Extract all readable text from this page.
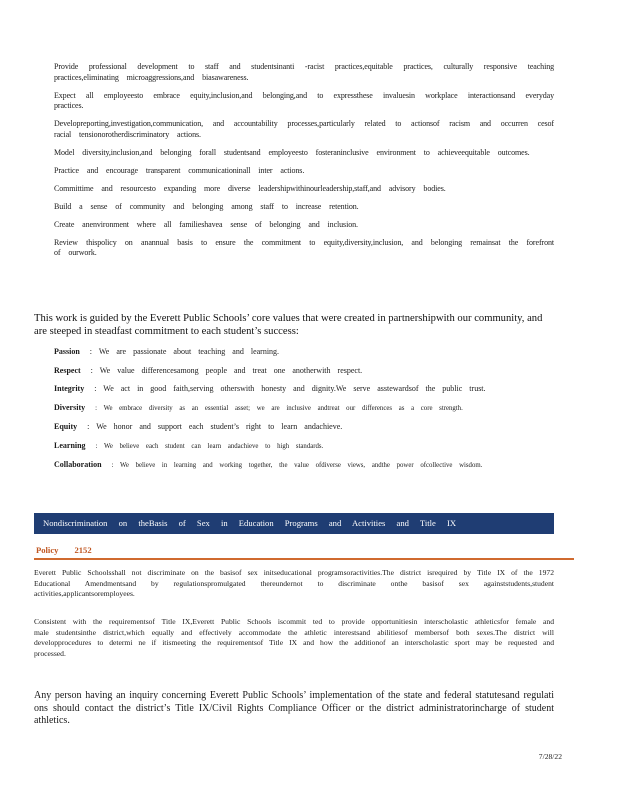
Provide professional development to staff and studentsinanti -racist practices,equitable practices, culturally responsive teaching practices,eliminating microaggressions,and biasawareness.
Expect all employeesto embrace equity,inclusion,and belonging,and to expressthese invaluesin workplace interactionsand everyday practices.
Developreporting,investigation,communication, and accountability processes,particularly related to actionsof racism and occurren cesof racial tensionorotherdiscriminatory actions.
Model diversity,inclusion,and belonging forall studentsand employeesto fosteraninclusive environment to achieveequitable outcomes.
Practice and encourage transparent communicationinall inter actions.
Committime and resourcesto expanding more diverse leadershipwithinourleadership,staff,and advisory bodies.
Build a sense of community and belonging among staff to increase retention.
Create anenvironment where all familieshavea sense of belonging and inclusion.
Review thispolicy on anannual basis to ensure the commitment to equity,diversity,inclusion, and belonging remainsat the forefront of ourwork.
This work is guided by the Everett Public Schools’ core values that were created in partnershipwith our community, and are steeped in steadfast commitment to each student’s success:
Passion : We are passionate about teaching and learning.
Respect : We value differencesamong people and treat one anotherwith respect.
Integrity : We act in good faith,serving otherswith honesty and dignity.We serve asstewardsof the public trust.
Diversity : We embrace diversity as an essential asset; we are inclusive andtreat our differences as a core strength.
Equity : We honor and support each student’s right to learn andachieve.
Learning : We believe each student can learn andachieve to high standards.
Collaboration : We believe in learning and working together, the value ofdiverse views, andthe power ofcollective wisdom.
Nondiscrimination on theBasis of Sex in Education Programs and Activities and Title IX
Policy 2152
Everett Public Schoolsshall not discriminate on the basisof sex initseducational programsoractivities.The district isrequired by Title IX of the 1972 Educational Amendmentsand by regulationspromulgated thereundernot to discriminate onthe basisof sex againststudents,student activities,applicantsoremployees.
Consistent with the requirementsof Title IX,Everett Public Schools iscommit ted to provide opportunitiesin interscholastic athleticsfor female and male studentsinthe district,which equally and effectively accommodate the athletic interestsand abilitiesof membersof both sexes.The district will developprocedures to determi ne if itismeeting the requirementsof Title IX and how the additionof an interscholastic sport may be requested and processed.
Any person having an inquiry concerning Everett Public Schools’ implementation of the state and federal statutesand regulati ons should contact the district’s Title IX/Civil Rights Compliance Officer or the district administratorincharge of student athletics.
7/28/22
